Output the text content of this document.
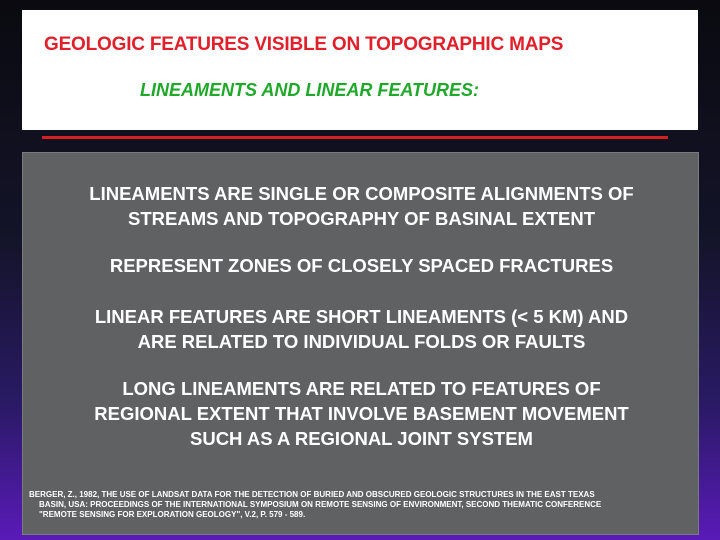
GEOLOGIC FEATURES VISIBLE ON TOPOGRAPHIC MAPS
LINEAMENTS AND LINEAR FEATURES:

LINEAMENTS ARE SINGLE OR COMPOSITE ALIGNMENTS OF
STREAMS AND TOPOGRAPHY OF BASINAL EXTENT

REPRESENT ZONES OF CLOSELY SPACED FRACTURES

LINEAR FEATURES ARE SHORT LINEAMENTS (< 5 KM) AND
ARE RELATED TO INDIVIDUAL FOLDS OR FAULTS

LONG LINEAMENTS ARE RELATED TO FEATURES OF
REGIONAL EXTENT THAT INVOLVE BASEMENT MOVEMENT
SUCH AS A REGIONAL JOINT SYSTEM

BERGER, Z., 1982, THE USE OF LANDSAT DATA FOR THE DETECTION OF BURIED AND OBSCURED GEOLOGIC STRUCTURES IN THE EAST TEXAS
BASIN, USA: PROCEEDINGS OF THE INTERNATIONAL SYMPOSIUM ON REMOTE SENSING OF ENVIRONMENT, SECOND THEMATIC CONFERENCE
"REMOTE SENSING FOR EXPLORATION GEOLOGY", V.2, P. 579 - 589.
